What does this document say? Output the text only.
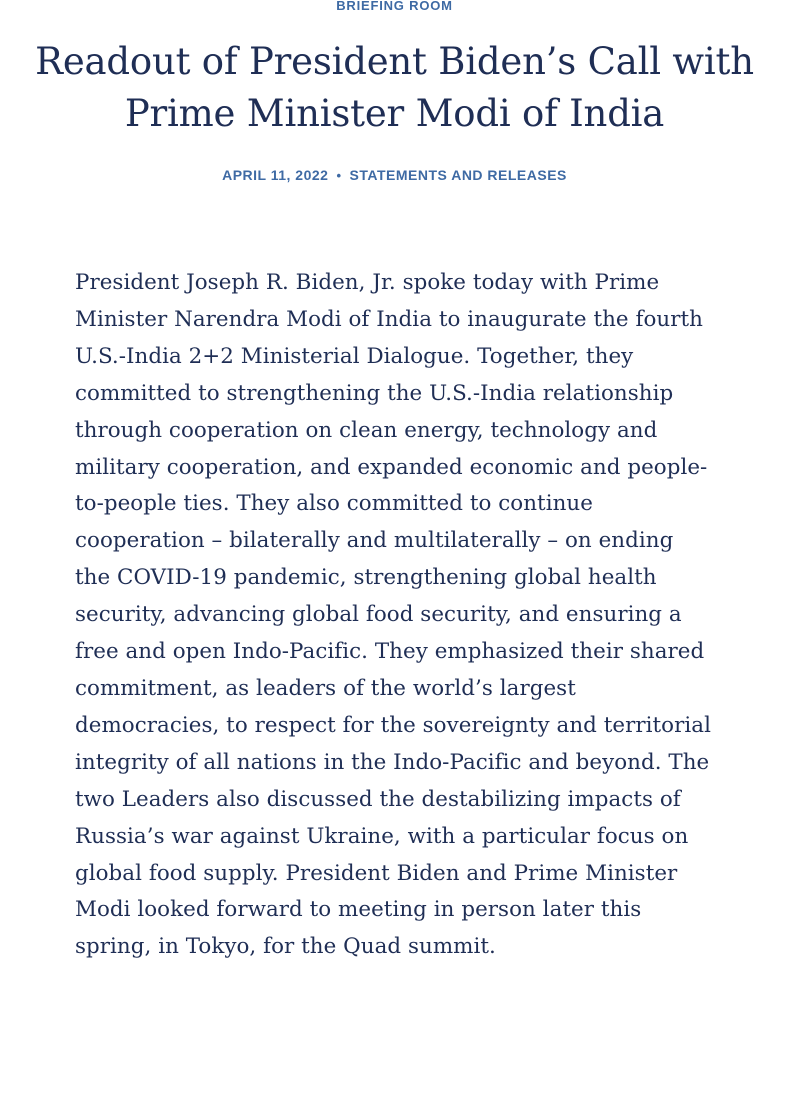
BRIEFING ROOM
Readout of President Biden’s Call with Prime Minister Modi of India
APRIL 11, 2022 • STATEMENTS AND RELEASES

President Joseph R. Biden, Jr. spoke today with Prime Minister Narendra Modi of India to inaugurate the fourth U.S.-India 2+2 Ministerial Dialogue. Together, they committed to strengthening the U.S.-India relationship through cooperation on clean energy, technology and military cooperation, and expanded economic and people-to-people ties. They also committed to continue cooperation – bilaterally and multilaterally – on ending the COVID-19 pandemic, strengthening global health security, advancing global food security, and ensuring a free and open Indo-Pacific. They emphasized their shared commitment, as leaders of the world’s largest democracies, to respect for the sovereignty and territorial integrity of all nations in the Indo-Pacific and beyond. The two Leaders also discussed the destabilizing impacts of Russia’s war against Ukraine, with a particular focus on global food supply. President Biden and Prime Minister Modi looked forward to meeting in person later this spring, in Tokyo, for the Quad summit.
